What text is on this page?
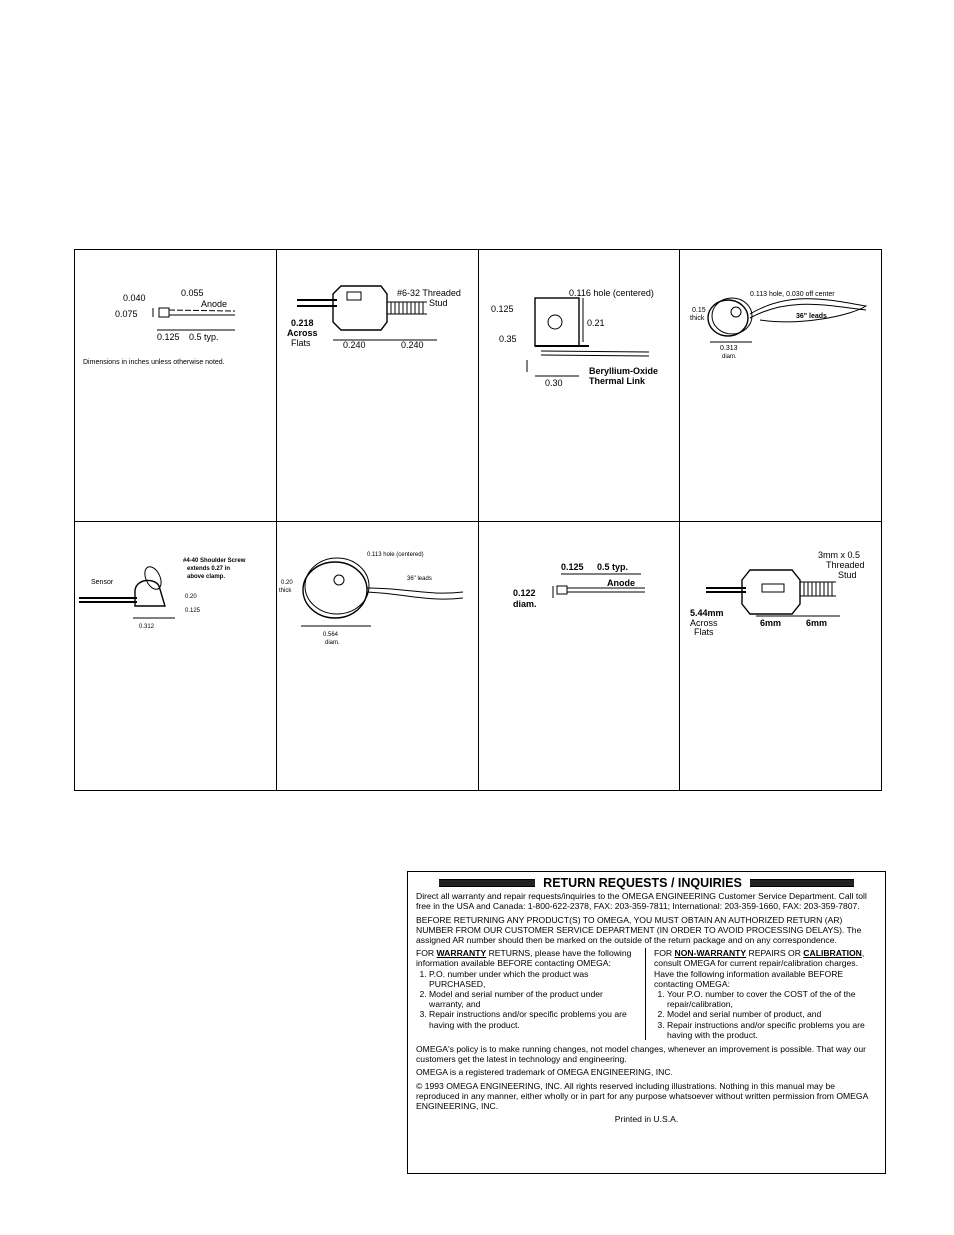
0.040	0.055
0.075
0.125 0.5 typ.
Anode
Dimensions in inches unless otherwise noted.
#6-32 Threaded
Stud
0.218
Across
Flats	0.240	0.240
0.116 hole (centered)
0.125
0.21
0.35
0.30
Beryllium-Oxide
Thermal Link
0.113 hole, 0.030 off center
0.15
thick	36" leads
0.313
diam.
#4-40 Shoulder Screw
extends 0.27 in
above clamp.
Sensor
0.20
0.125
0.312
0.113 hole (centered)
0.20
thick
36" leads
0.564
diam.
0.125 0.5 typ.
Anode
0.122
diam.
3mm x 0.5
Threaded
Stud
5.44mm
Across
Flats
6mm	6mm
RETURN REQUESTS / INQUIRIES

Direct all warranty and repair requests/inquiries to the OMEGA ENGINEERING Customer Service Department. Call toll free in the USA and Canada: 1-800-622-2378, FAX: 203-359-7811; International: 203-359-1660, FAX: 203-359-7807.

BEFORE RETURNING ANY PRODUCT(S) TO OMEGA, YOU MUST OBTAIN AN AUTHORIZED RETURN (AR) NUMBER FROM OUR CUSTOMER SERVICE DEPARTMENT (IN ORDER TO AVOID PROCESSING DELAYS). The assigned AR number should then be marked on the outside of the return package and on any correspondence.

FOR WARRANTY RETURNS, please have the following information available BEFORE contacting OMEGA:
1. P.O. number under which the product was PURCHASED,
2. Model and serial number of the product under warranty, and
3. Repair instructions and/or specific problems you are having with the product.
FOR NON-WARRANTY REPAIRS OR CALIBRATION, consult OMEGA for current repair/calibration charges. Have the following information available BEFORE contacting OMEGA:
1. Your P.O. number to cover the COST of the of the repair/calibration,
2. Model and serial number of product, and
3. Repair instructions and/or specific problems you are having with the product.

OMEGA's policy is to make running changes, not model changes, whenever an improvement is possible. That way our customers get the latest in technology and engineering.

OMEGA is a registered trademark of OMEGA ENGINEERING, INC.

© 1993 OMEGA ENGINEERING, INC. All rights reserved including illustrations. Nothing in this manual may be reproduced in any manner, either wholly or in part for any purpose whatsoever without written permission from OMEGA ENGINEERING, INC.

Printed in U.S.A.
